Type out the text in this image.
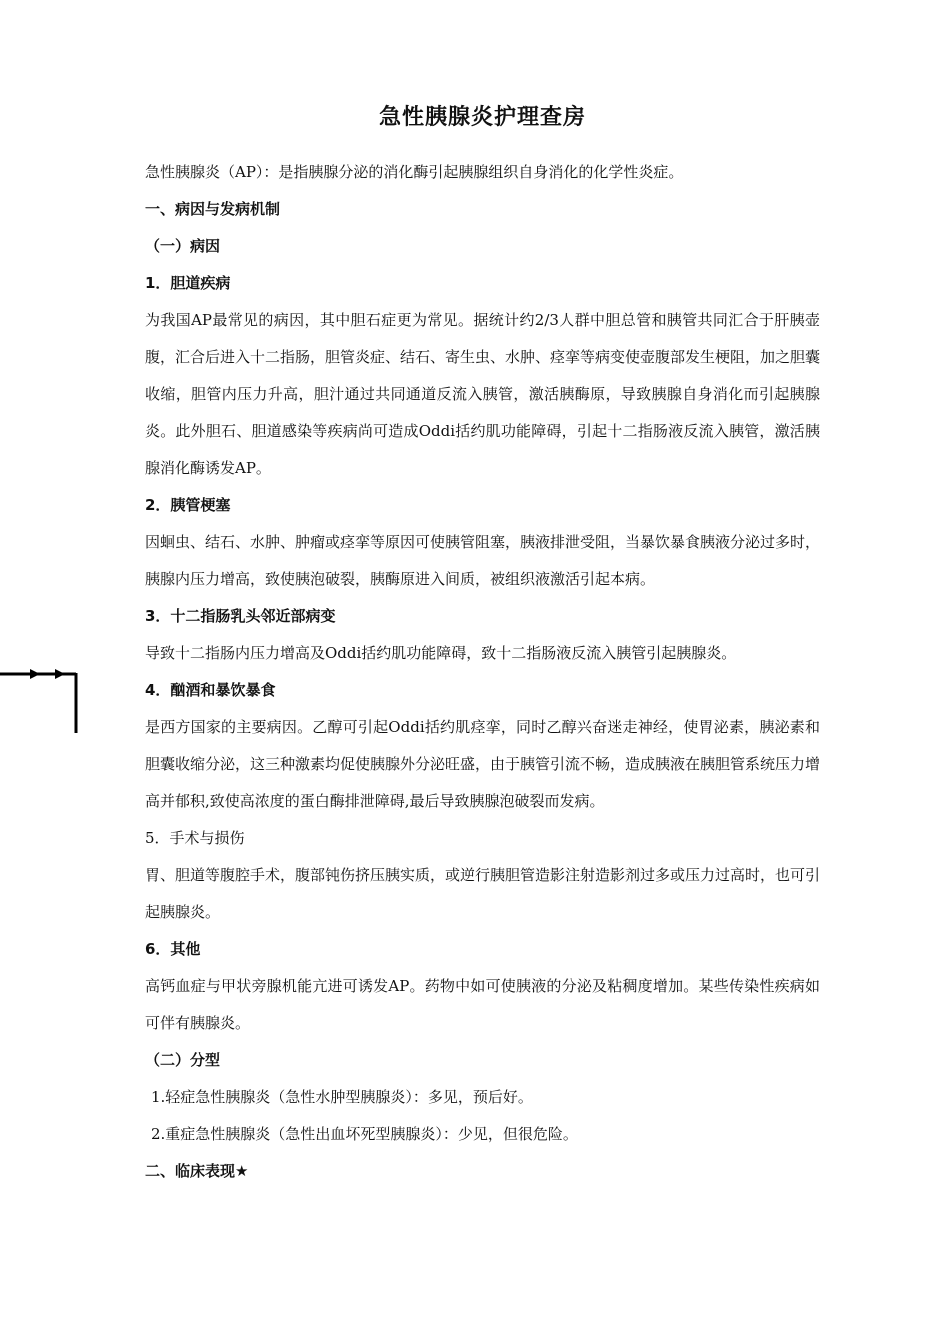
急性胰腺炎护理查房

急性胰腺炎（AP）：是指胰腺分泌的消化酶引起胰腺组织自身消化的化学性炎症。

一、病因与发病机制
（一）病因
1．胆道疾病

为我国AP最常见的病因，其中胆石症更为常见。据统计约2/3人群中胆总管和胰管共同汇合于肝胰壶腹，汇合后进入十二指肠，胆管炎症、结石、寄生虫、水肿、痉挛等病变使壶腹部发生梗阻，加之胆囊收缩，胆管内压力升高，胆汁通过共同通道反流入胰管，激活胰酶原，导致胰腺自身消化而引起胰腺炎。此外胆石、胆道感染等疾病尚可造成Oddi括约肌功能障碍，引起十二指肠液反流入胰管，激活胰腺消化酶诱发AP。

2．胰管梗塞

因蛔虫、结石、水肿、肿瘤或痉挛等原因可使胰管阻塞，胰液排泄受阻，当暴饮暴食胰液分泌过多时，胰腺内压力增高，致使胰泡破裂，胰酶原进入间质，被组织液激活引起本病。

3．十二指肠乳头邻近部病变

导致十二指肠内压力增高及Oddi括约肌功能障碍，致十二指肠液反流入胰管引起胰腺炎。

4．酗酒和暴饮暴食

是西方国家的主要病因。乙醇可引起Oddi括约肌痉挛，同时乙醇兴奋迷走神经，使胃泌素，胰泌素和胆囊收缩分泌，这三种激素均促使胰腺外分泌旺盛，由于胰管引流不畅，造成胰液在胰胆管系统压力增高并郁积,致使高浓度的蛋白酶排泄障碍,最后导致胰腺泡破裂而发病。

5．手术与损伤

胃、胆道等腹腔手术，腹部钝伤挤压胰实质，或逆行胰胆管造影注射造影剂过多或压力过高时，也可引起胰腺炎。

6．其他

高钙血症与甲状旁腺机能亢进可诱发AP。药物中如可使胰液的分泌及粘稠度增加。某些传染性疾病如可伴有胰腺炎。

（二）分型

1.轻症急性胰腺炎（急性水肿型胰腺炎）：多见，预后好。

2.重症急性胰腺炎（急性出血坏死型胰腺炎）：少见，但很危险。

二、临床表现★
